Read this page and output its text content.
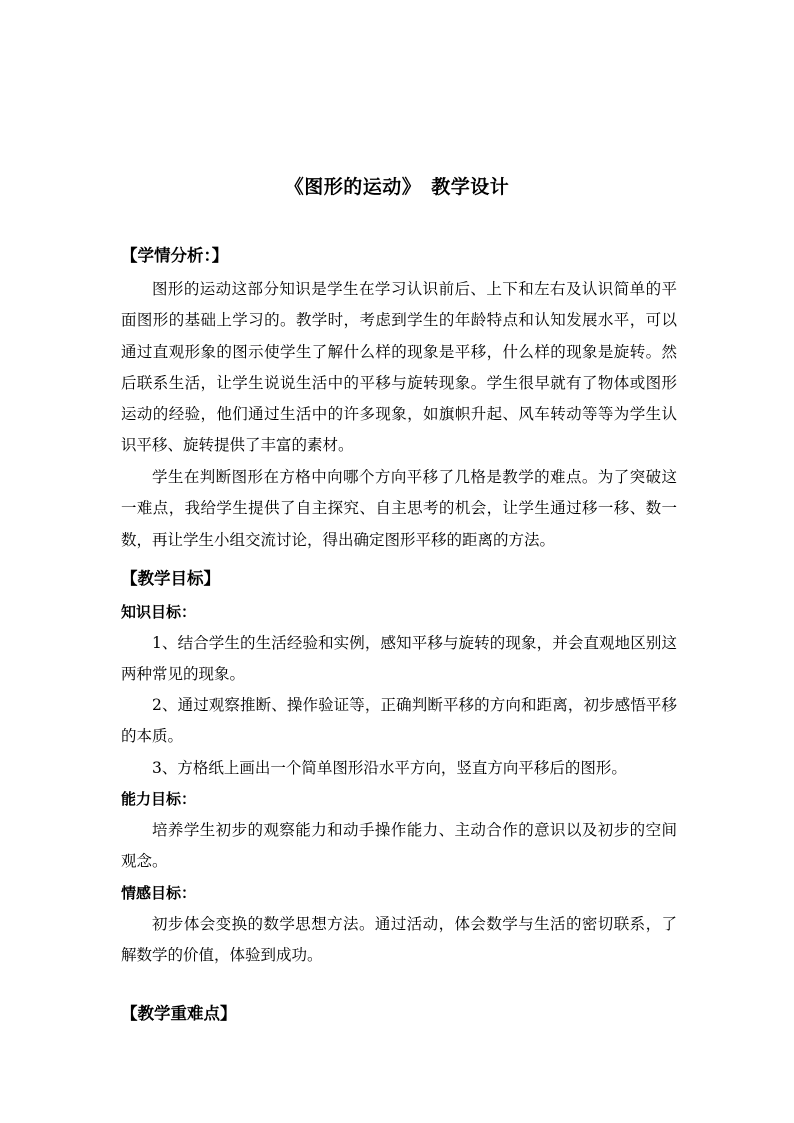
《图形的运动》　教学设计
【学情分析：】

图形的运动这部分知识是学生在学习认识前后、上下和左右及认识简单的平面图形的基础上学习的。教学时，考虑到学生的年龄特点和认知发展水平，可以通过直观形象的图示使学生了解什么样的现象是平移，什么样的现象是旋转。然后联系生活，让学生说说生活中的平移与旋转现象。学生很早就有了物体或图形运动的经验，他们通过生活中的许多现象，如旗帜升起、风车转动等等为学生认识平移、旋转提供了丰富的素材。

学生在判断图形在方格中向哪个方向平移了几格是教学的难点。为了突破这一难点，我给学生提供了自主探究、自主思考的机会，让学生通过移一移、数一数，再让学生小组交流讨论，得出确定图形平移的距离的方法。

【教学目标】
知识目标：

1、结合学生的生活经验和实例，感知平移与旋转的现象，并会直观地区别这两种常见的现象。

2、通过观察推断、操作验证等，正确判断平移的方向和距离，初步感悟平移的本质。

3、方格纸上画出一个简单图形沿水平方向，竖直方向平移后的图形。

能力目标：

培养学生初步的观察能力和动手操作能力、主动合作的意识以及初步的空间观念。

情感目标：

初步体会变换的数学思想方法。通过活动，体会数学与生活的密切联系，了解数学的价值，体验到成功。

【教学重难点】
